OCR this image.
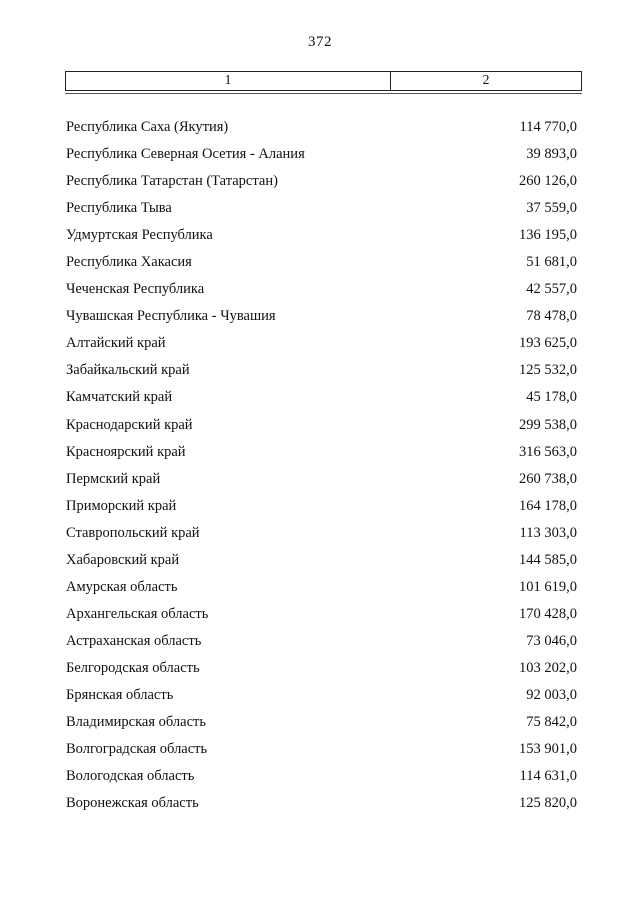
372
1	2
Республика Саха (Якутия)	114 770,0
Республика Северная Осетия - Алания	39 893,0
Республика Татарстан (Татарстан)	260 126,0
Республика Тыва	37 559,0
Удмуртская Республика	136 195,0
Республика Хакасия	51 681,0
Чеченская Республика	42 557,0
Чувашская Республика - Чувашия	78 478,0
Алтайский край	193 625,0
Забайкальский край	125 532,0
Камчатский край	45 178,0
Краснодарский край	299 538,0
Красноярский край	316 563,0
Пермский край	260 738,0
Приморский край	164 178,0
Ставропольский край	113 303,0
Хабаровский край	144 585,0
Амурская область	101 619,0
Архангельская область	170 428,0
Астраханская область	73 046,0
Белгородская область	103 202,0
Брянская область	92 003,0
Владимирская область	75 842,0
Волгоградская область	153 901,0
Вологодская область	114 631,0
Воронежская область	125 820,0
